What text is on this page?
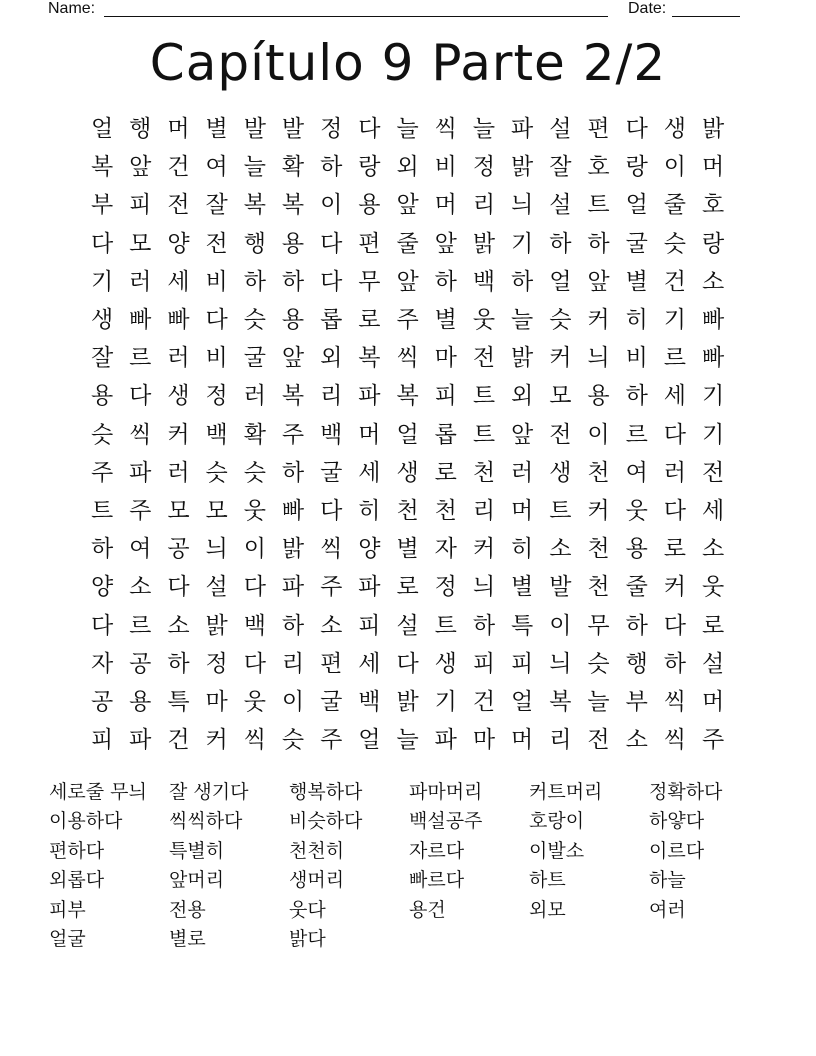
Name:	Date:
Capítulo 9 Parte 2/2
얼 행 머 별 발 발 정 다 늘 씩 늘 파 설 편 다 생 밝
복 앞 건 여 늘 확 하 랑 외 비 정 밝 잘 호 랑 이 머
부 피 전 잘 복 복 이 용 앞 머 리 늬 설 트 얼 줄 호
다 모 양 전 행 용 다 편 줄 앞 밝 기 하 하 굴 슷 랑
기 러 세 비 하 하 다 무 앞 하 백 하 얼 앞 별 건 소
생 빠 빠 다 슷 용 롭 로 주 별 웃 늘 슷 커 히 기 빠
잘 르 러 비 굴 앞 외 복 씩 마 전 밝 커 늬 비 르 빠
용 다 생 정 러 복 리 파 복 피 트 외 모 용 하 세 기
슷 씩 커 백 확 주 백 머 얼 롭 트 앞 전 이 르 다 기
주 파 러 슷 슷 하 굴 세 생 로 천 러 생 천 여 러 전
트 주 모 모 웃 빠 다 히 천 천 리 머 트 커 웃 다 세
하 여 공 늬 이 밝 씩 양 별 자 커 히 소 천 용 로 소
양 소 다 설 다 파 주 파 로 정 늬 별 발 천 줄 커 웃
다 르 소 밝 백 하 소 피 설 트 하 특 이 무 하 다 로
자 공 하 정 다 리 편 세 다 생 피 피 늬 슷 행 하 설
공 용 특 마 웃 이 굴 백 밝 기 건 얼 복 늘 부 씩 머
피 파 건 커 씩 슷 주 얼 늘 파 마 머 리 전 소 씩 주
세로줄 무늬	잘 생기다	행복하다	파마머리	커트머리	정확하다
이용하다	씩씩하다	비슷하다	백설공주	호랑이	하얗다
편하다	특별히	천천히	자르다	이발소	이르다
외롭다	앞머리	생머리	빠르다	하트	하늘
피부	전용	웃다	용건	외모	여러
얼굴	별로	밝다
